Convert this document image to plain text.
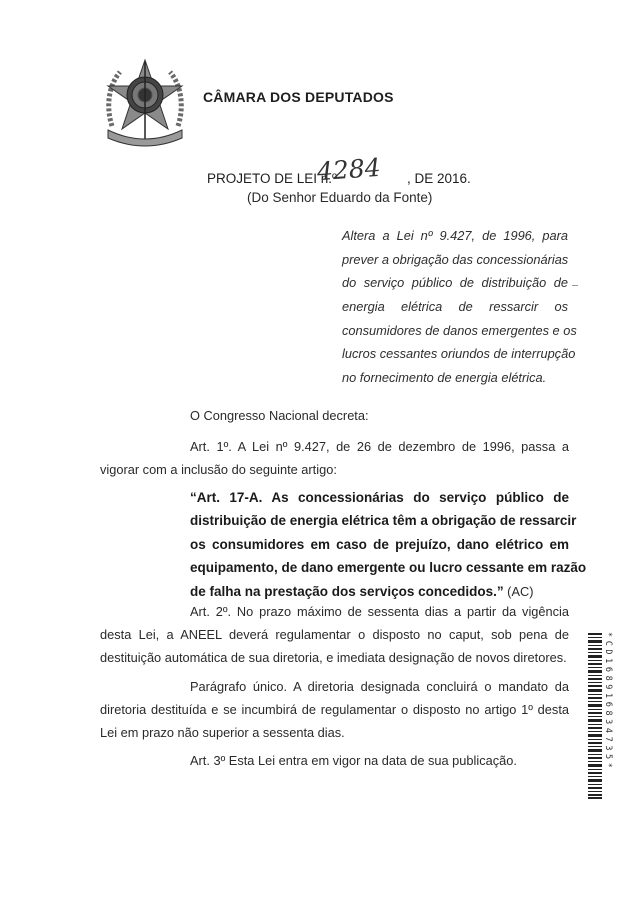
CÂMARA DOS DEPUTADOS
PROJETO DE LEI n.º	, DE 2016.
4284
(Do Senhor Eduardo da Fonte)
Altera a Lei nº 9.427, de 1996, para
prever a obrigação das concessionárias
do serviço público de distribuição de
energia elétrica de ressarcir os
consumidores de danos emergentes e os
lucros cessantes oriundos de interrupção
no fornecimento de energia elétrica.
O Congresso Nacional decreta:
Art. 1º. A Lei nº 9.427, de 26 de dezembro de 1996, passa a
vigorar com a inclusão do seguinte artigo:
“Art. 17-A. As concessionárias do serviço público de
distribuição de energia elétrica têm a obrigação de ressarcir
os consumidores em caso de prejuízo, dano elétrico em
equipamento, de dano emergente ou lucro cessante em razão
de falha na prestação dos serviços concedidos.” (AC)
Art. 2º. No prazo máximo de sessenta dias a partir da vigência
desta Lei, a ANEEL deverá regulamentar o disposto no caput, sob pena de
destituição automática de sua diretoria, e imediata designação de novos diretores.
Parágrafo único. A diretoria designada concluirá o mandato da
diretoria destituída e se incumbirá de regulamentar o disposto no artigo 1º desta
Lei em prazo não superior a sessenta dias.
Art. 3º Esta Lei entra em vigor na data de sua publicação.	*CD168916834735*
